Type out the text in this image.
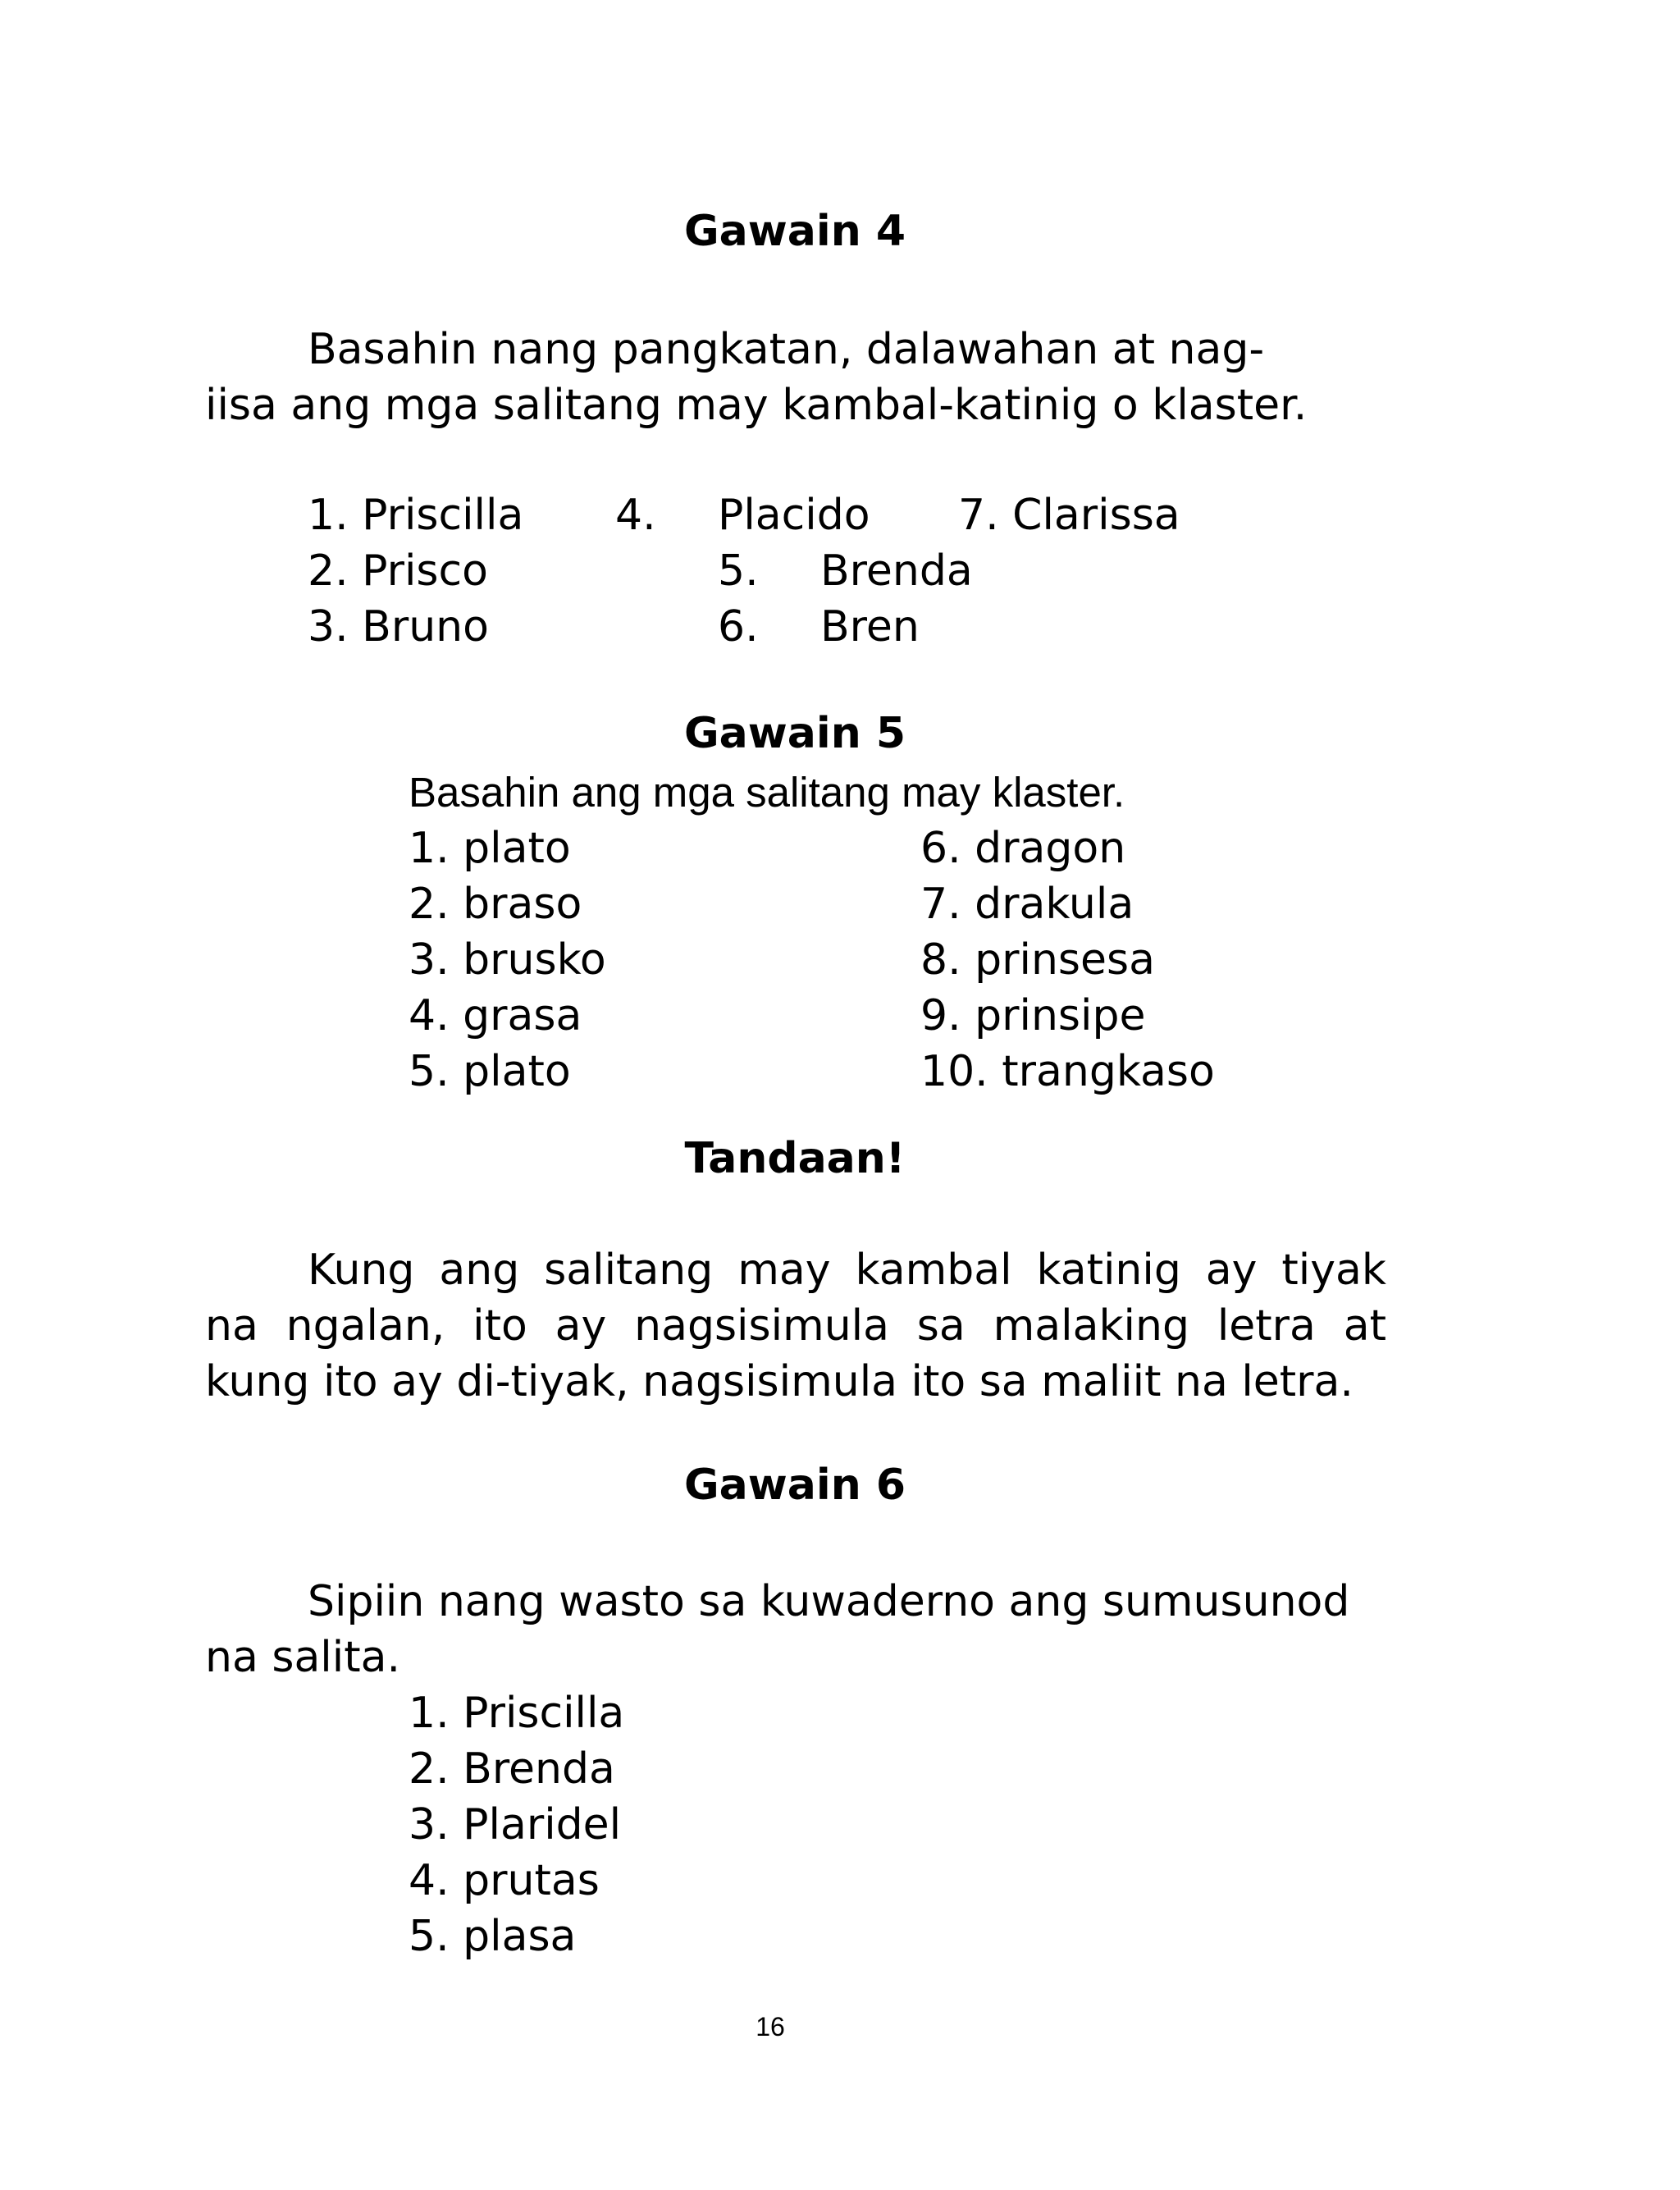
Gawain 4
Basahin nang pangkatan, dalawahan at nag-
iisa ang mga salitang may kambal-katinig o klaster.
1. Priscilla
2. Prisco
3. Bruno
4. Placido
5. Brenda
6. Bren
7. Clarissa
Gawain 5
Basahin ang mga salitang may klaster.
1. plato
2. braso
3. brusko
4. grasa
5. plato
6. dragon
7. drakula
8. prinsesa
9. prinsipe
10. trangkaso
Tandaan!
Kung ang salitang may kambal katinig ay tiyak
na ngalan, ito ay nagsisimula sa malaking letra at
kung ito ay di-tiyak, nagsisimula ito sa maliit na letra.
Gawain 6
Sipiin nang wasto sa kuwaderno ang sumusunod
na salita.
1. Priscilla
2. Brenda
3. Plaridel
4. prutas
5. plasa
16
